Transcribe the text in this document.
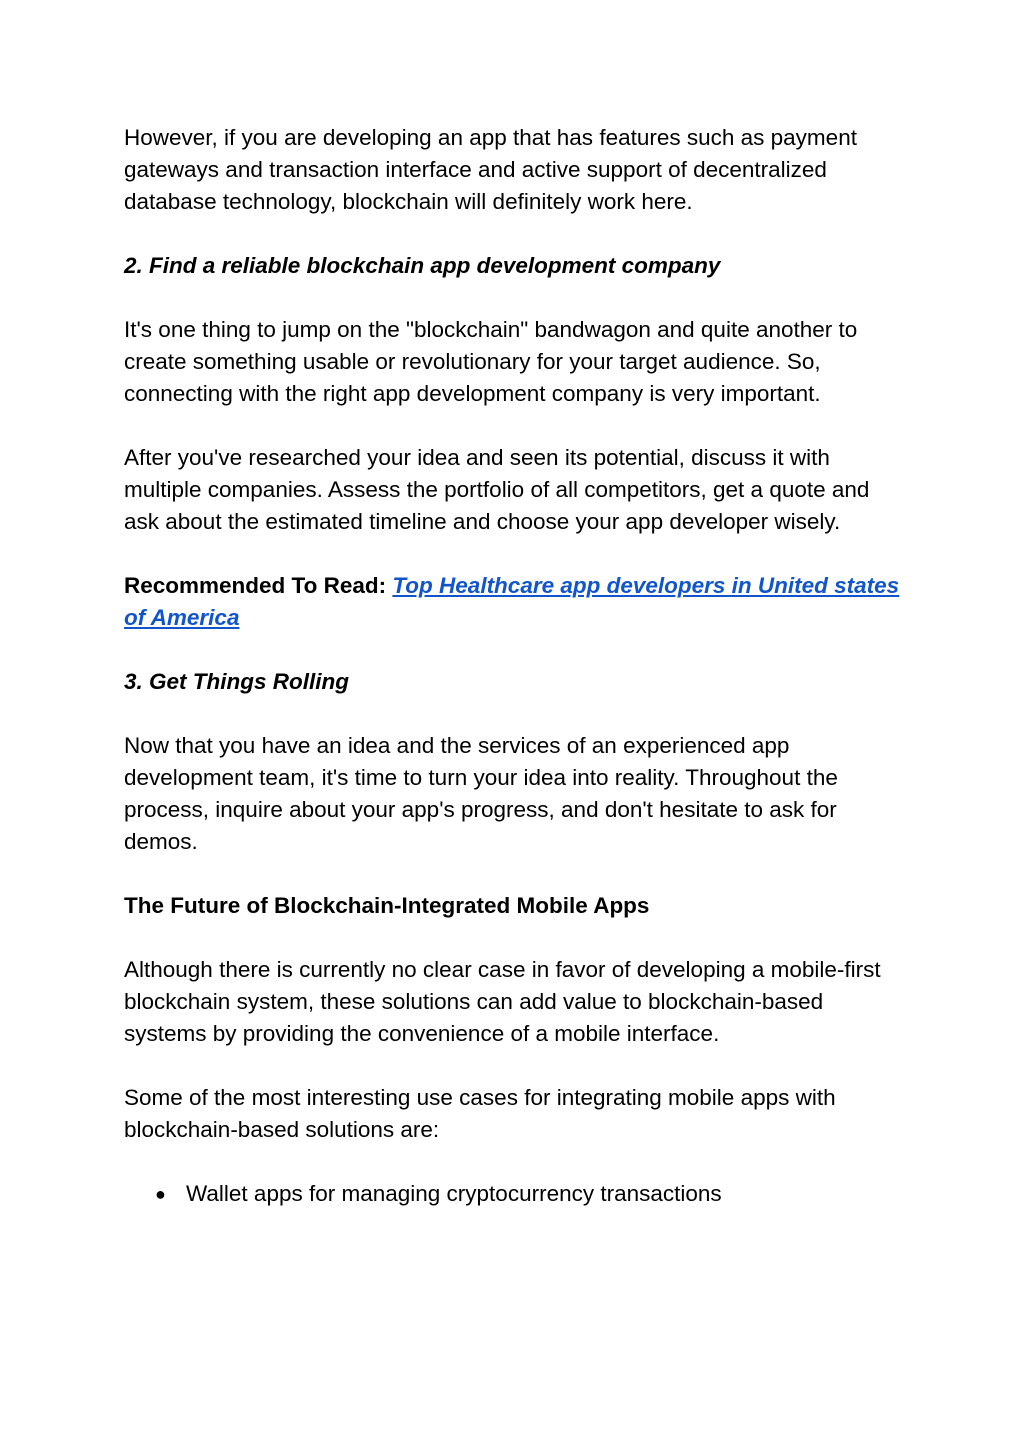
However, if you are developing an app that has features such as payment gateways and transaction interface and active support of decentralized database technology, blockchain will definitely work here.

2. Find a reliable blockchain app development company

It's one thing to jump on the "blockchain" bandwagon and quite another to create something usable or revolutionary for your target audience. So, connecting with the right app development company is very important.

After you've researched your idea and seen its potential, discuss it with multiple companies. Assess the portfolio of all competitors, get a quote and ask about the estimated timeline and choose your app developer wisely.

Recommended To Read: Top Healthcare app developers in United states of America

3. Get Things Rolling

Now that you have an idea and the services of an experienced app development team, it's time to turn your idea into reality. Throughout the process, inquire about your app's progress, and don't hesitate to ask for demos.

The Future of Blockchain-Integrated Mobile Apps

Although there is currently no clear case in favor of developing a mobile-first blockchain system, these solutions can add value to blockchain-based systems by providing the convenience of a mobile interface.

Some of the most interesting use cases for integrating mobile apps with blockchain-based solutions are:

● Wallet apps for managing cryptocurrency transactions
